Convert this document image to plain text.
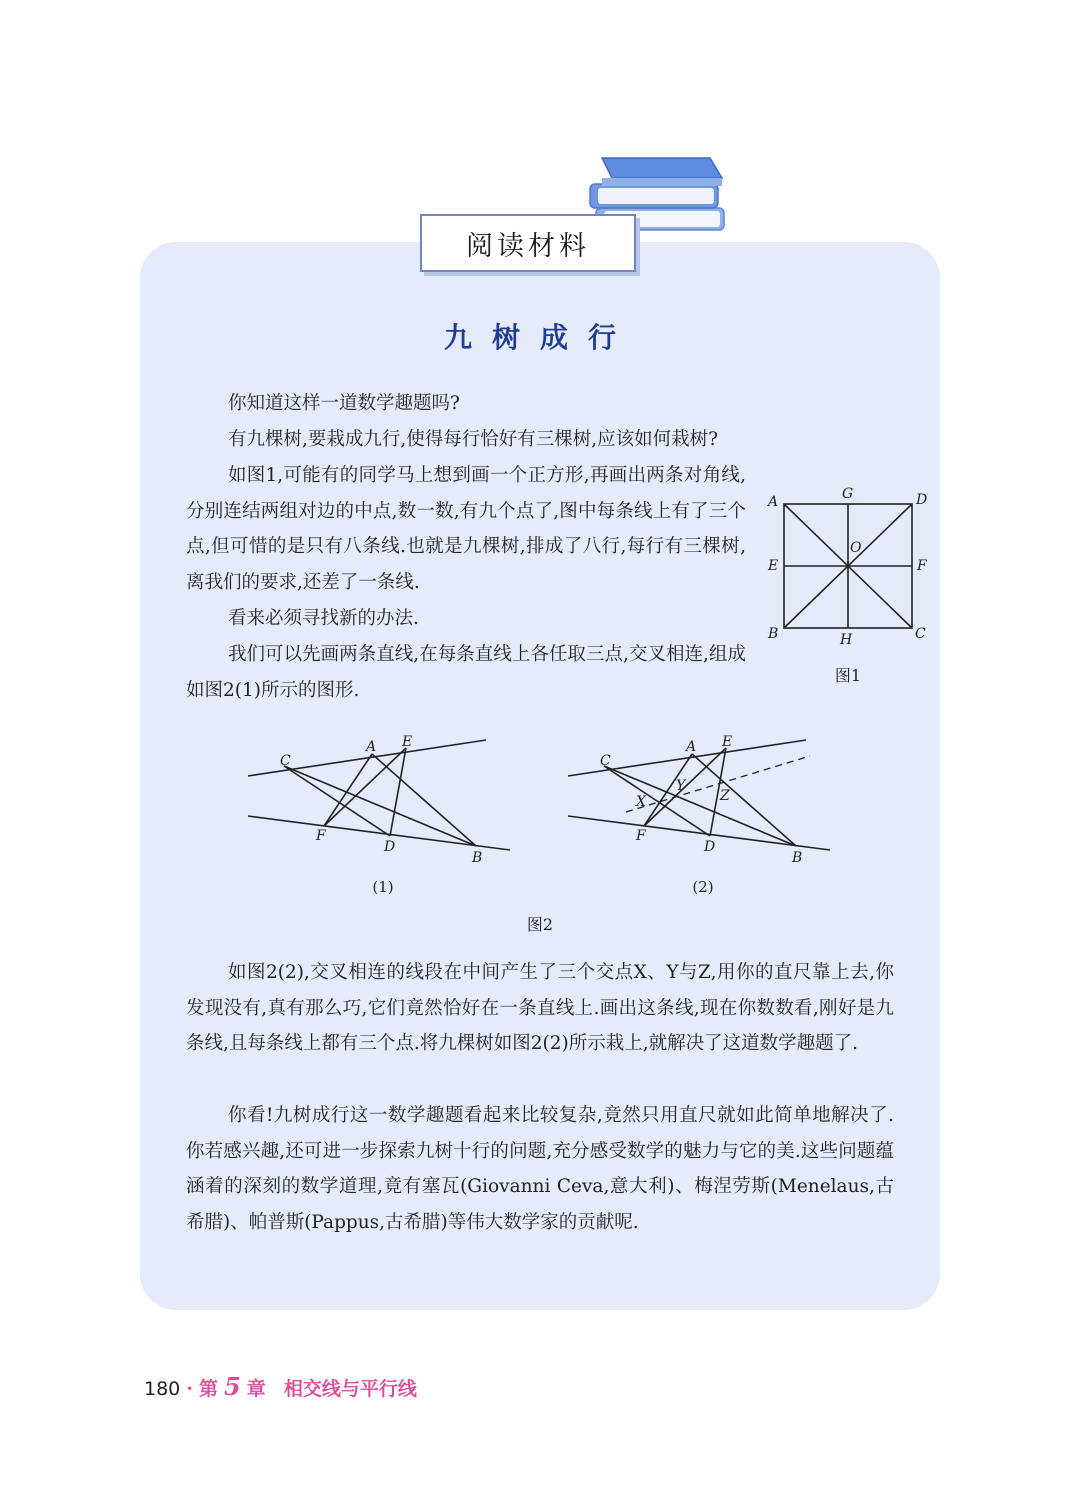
阅读材料
九树成行

你知道这样一道数学趣题吗?

有九棵树,要栽成九行,使得每行恰好有三棵树,应该如何栽树?

如图1,可能有的同学马上想到画一个正方形,再画出两条对角线,分别连结两组对边的中点,数一数,有九个点了,图中每条线上有了三个点,但可惜的是只有八条线.也就是九棵树,排成了八行,每行有三棵树,离我们的要求,还差了一条线.

看来必须寻找新的办法.

我们可以先画两条直线,在每条直线上各任取三点,交叉相连,组成如图2(1)所示的图形.

A	G	D
O
E	F
B	H	C
图1
C
A E
F
D
B
C
A E
X
Y
Z
F
D
B
(1)	(2)
图2

如图2(2),交叉相连的线段在中间产生了三个交点X、Y与Z,用你的直尺靠上去,你发现没有,真有那么巧,它们竟然恰好在一条直线上.画出这条线,现在你数数看,刚好是九条线,且每条线上都有三个点.将九棵树如图2(2)所示栽上,就解决了这道数学趣题了.

你看!九树成行这一数学趣题看起来比较复杂,竟然只用直尺就如此简单地解决了.你若感兴趣,还可进一步探索九树十行的问题,充分感受数学的魅力与它的美.这些问题蕴涵着的深刻的数学道理,竟有塞瓦(Giovanni Ceva,意大利)、梅涅劳斯(Menelaus,古希腊)、帕普斯(Pappus,古希腊)等伟大数学家的贡献呢.

180 · 第 5 章 相交线与平行线
